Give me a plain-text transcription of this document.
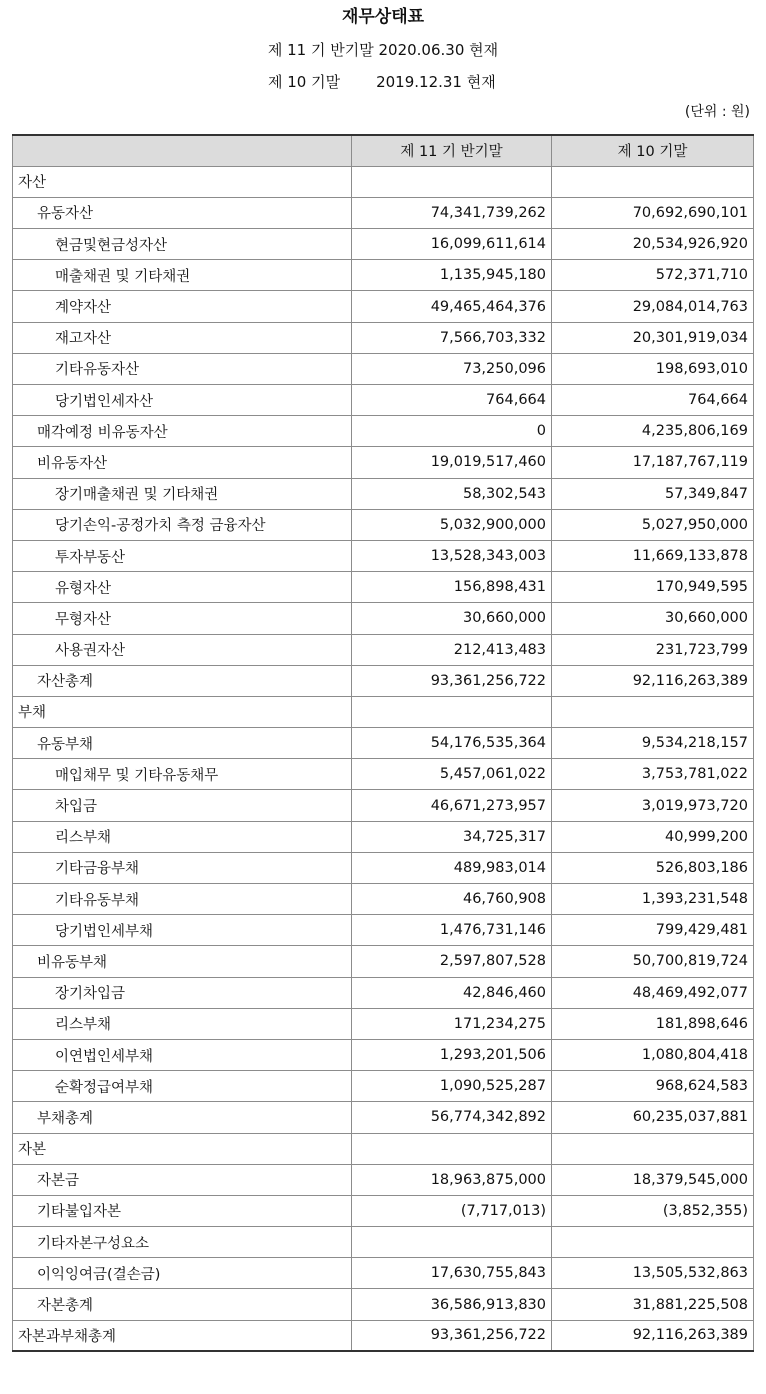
재무상태표
제 11 기 반기말 2020.06.30 현재
제 10 기말 2019.12.31 현재
(단위 : 원)
	제 11 기 반기말	제 10 기말
자산		
유동자산	74,341,739,262	70,692,690,101
현금및현금성자산	16,099,611,614	20,534,926,920
매출채권 및 기타채권	1,135,945,180	572,371,710
계약자산	49,465,464,376	29,084,014,763
재고자산	7,566,703,332	20,301,919,034
기타유동자산	73,250,096	198,693,010
당기법인세자산	764,664	764,664
매각예정 비유동자산	0	4,235,806,169
비유동자산	19,019,517,460	17,187,767,119
장기매출채권 및 기타채권	58,302,543	57,349,847
당기손익-공정가치 측정 금융자산	5,032,900,000	5,027,950,000
투자부동산	13,528,343,003	11,669,133,878
유형자산	156,898,431	170,949,595
무형자산	30,660,000	30,660,000
사용권자산	212,413,483	231,723,799
자산총계	93,361,256,722	92,116,263,389
부채		
유동부채	54,176,535,364	9,534,218,157
매입채무 및 기타유동채무	5,457,061,022	3,753,781,022
차입금	46,671,273,957	3,019,973,720
리스부채	34,725,317	40,999,200
기타금융부채	489,983,014	526,803,186
기타유동부채	46,760,908	1,393,231,548
당기법인세부채	1,476,731,146	799,429,481
비유동부채	2,597,807,528	50,700,819,724
장기차입금	42,846,460	48,469,492,077
리스부채	171,234,275	181,898,646
이연법인세부채	1,293,201,506	1,080,804,418
순확정급여부채	1,090,525,287	968,624,583
부채총계	56,774,342,892	60,235,037,881
자본		
자본금	18,963,875,000	18,379,545,000
기타불입자본	(7,717,013)	(3,852,355)
기타자본구성요소		
이익잉여금(결손금)	17,630,755,843	13,505,532,863
자본총계	36,586,913,830	31,881,225,508
자본과부채총계	93,361,256,722	92,116,263,389
